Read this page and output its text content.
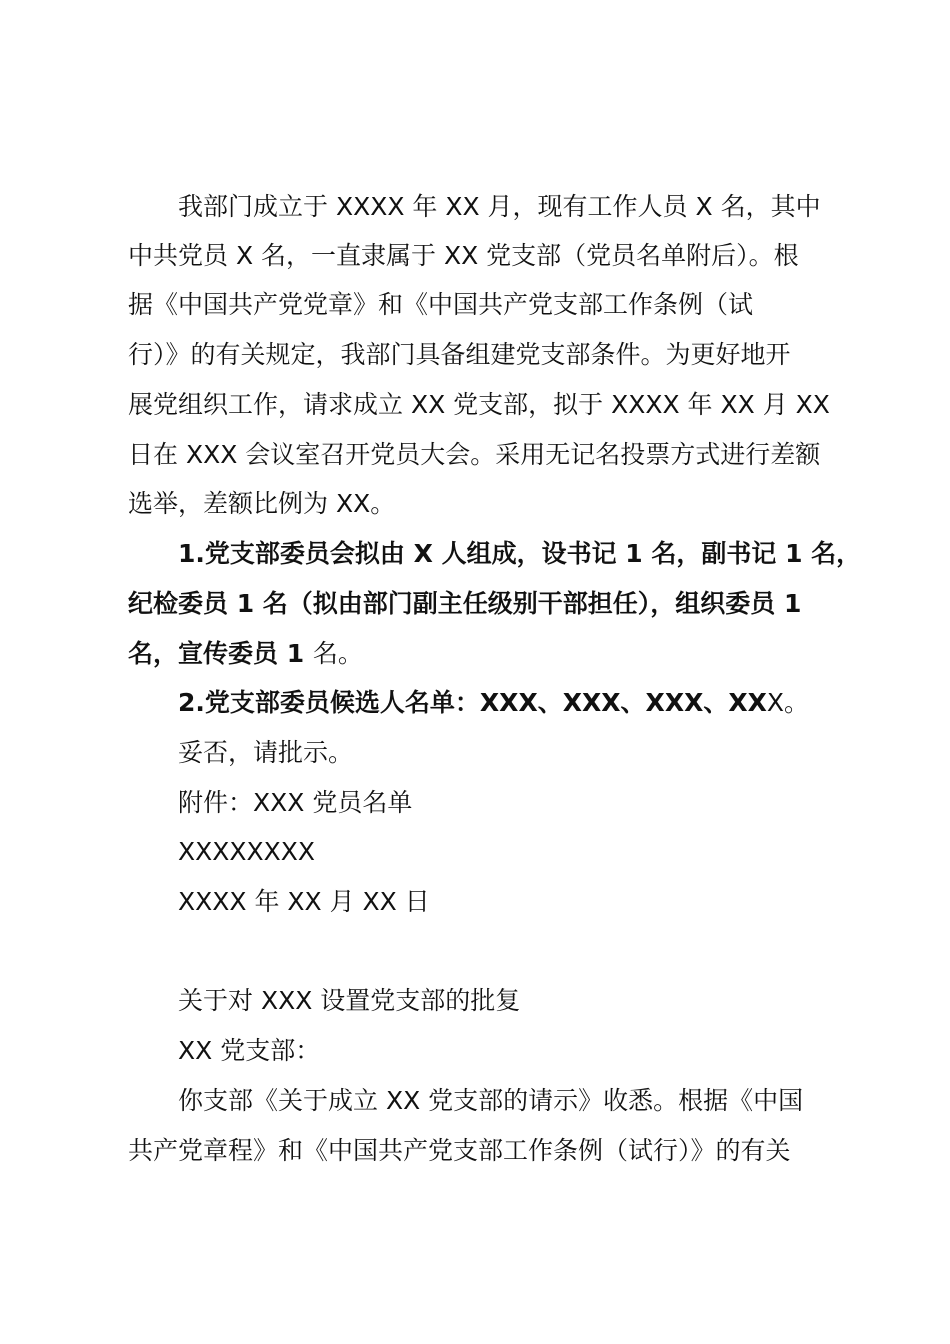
我部门成立于 XXXX 年 XX 月，现有工作人员 X 名，其中
中共党员 X 名，一直隶属于 XX 党支部（党员名单附后）。根
据《中国共产党党章》和《中国共产党支部工作条例（试
行）》的有关规定，我部门具备组建党支部条件。为更好地开
展党组织工作，请求成立 XX 党支部，拟于 XXXX 年 XX 月 XX
日在 XXX 会议室召开党员大会。采用无记名投票方式进行差额
选举，差额比例为 XX。
1.党支部委员会拟由 X 人组成，设书记 1 名，副书记 1 名，
纪检委员 1 名（拟由部门副主任级别干部担任），组织委员 1
名，宣传委员 1 名。
2.党支部委员候选人名单：XXX、XXX、XXX、XXX。
妥否，请批示。
附件：XXX 党员名单
XXXXXXXX
XXXX 年 XX 月 XX 日
关于对 XXX 设置党支部的批复
XX 党支部：
你支部《关于成立 XX 党支部的请示》收悉。根据《中国
共产党章程》和《中国共产党支部工作条例（试行）》的有关
